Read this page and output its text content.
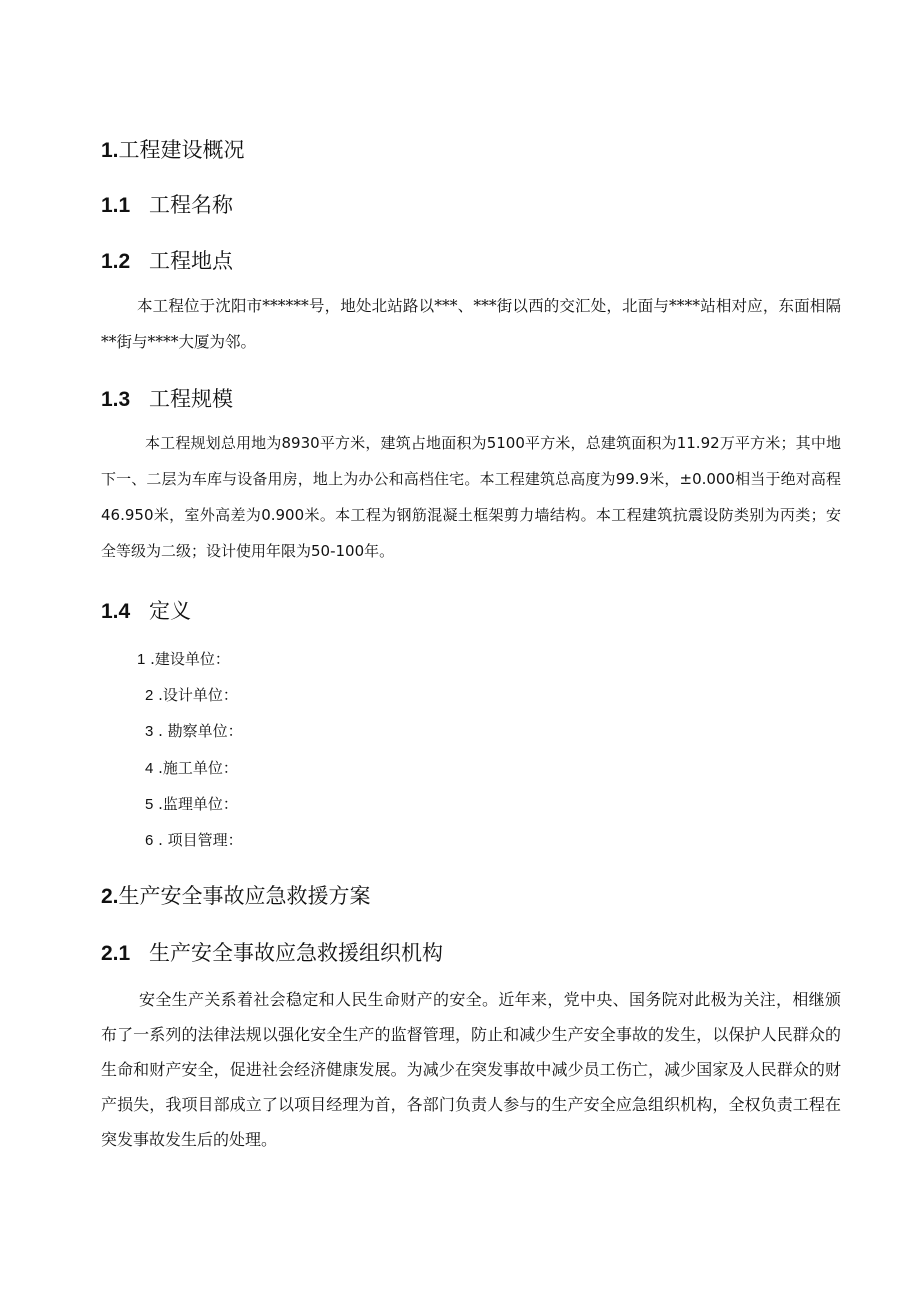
1.工程建设概况
1.1 工程名称
1.2 工程地点

本工程位于沈阳市******号，地处北站路以***、***街以西的交汇处，北面与****站相对应，东面相隔**街与****大厦为邻。

1.3 工程规模

本工程规划总用地为8930平方米，建筑占地面积为5100平方米，总建筑面积为11.92万平方米；其中地下一、二层为车库与设备用房，地上为办公和高档住宅。本工程建筑总高度为99.9米，±0.000相当于绝对高程46.950米，室外高差为0.900米。本工程为钢筋混凝土框架剪力墙结构。本工程建筑抗震设防类别为丙类；安全等级为二级；设计使用年限为50-100年。

1.4 定义
1 .建设单位：
2 .设计单位：
3 . 勘察单位：
4 .施工单位：
5 .监理单位：
6 . 项目管理：
2.生产安全事故应急救援方案
2.1 生产安全事故应急救援组织机构

安全生产关系着社会稳定和人民生命财产的安全。近年来，党中央、国务院对此极为关注，相继颁布了一系列的法律法规以强化安全生产的监督管理，防止和减少生产安全事故的发生，以保护人民群众的生命和财产安全，促进社会经济健康发展。为减少在突发事故中减少员工伤亡，减少国家及人民群众的财产损失，我项目部成立了以项目经理为首，各部门负责人参与的生产安全应急组织机构，全权负责工程在突发事故发生后的处理。
